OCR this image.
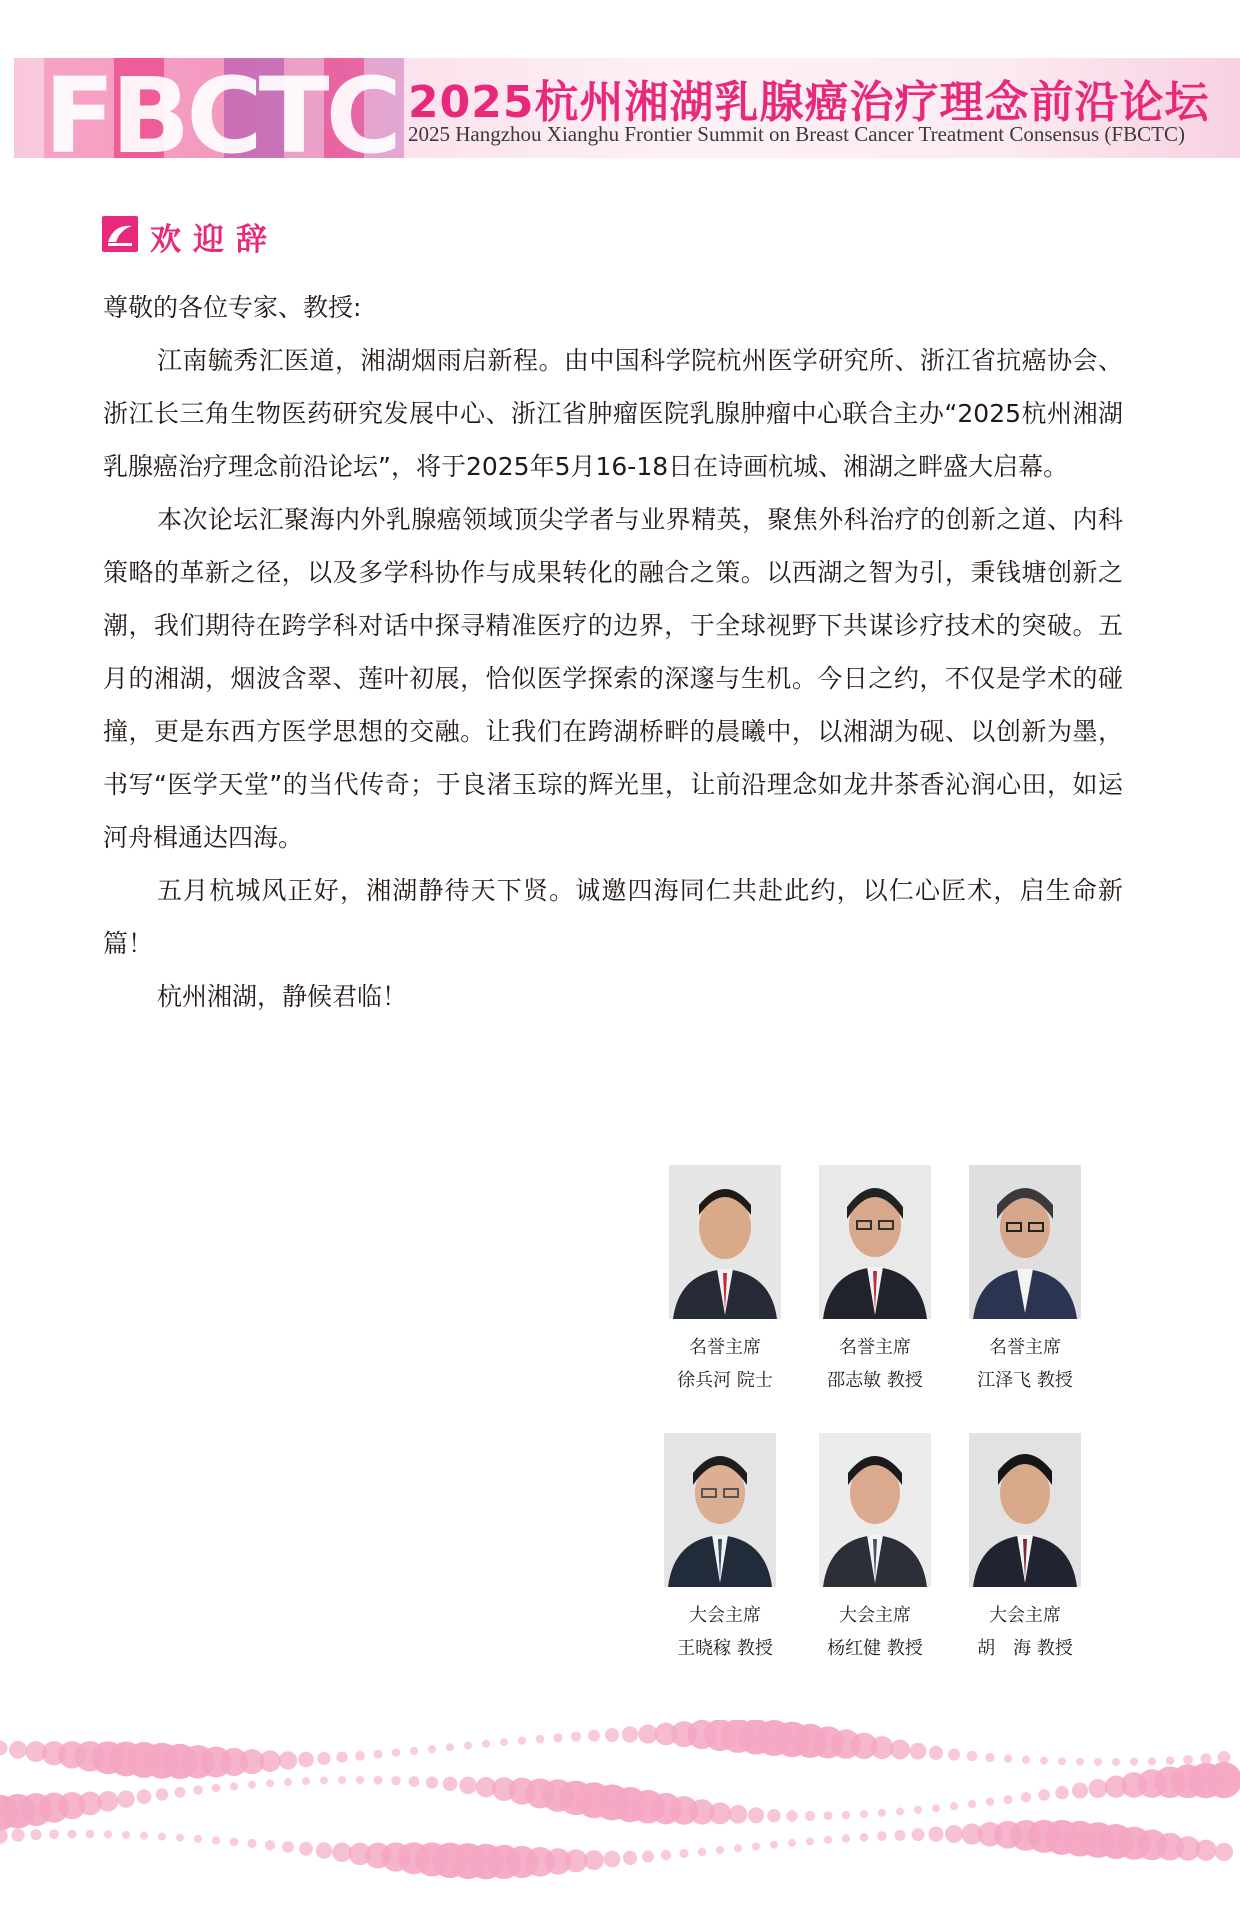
FBCTC 2025杭州湘湖乳腺癌治疗理念前沿论坛
2025 Hangzhou Xianghu Frontier Summit on Breast Cancer Treatment Consensus (FBCTC)
欢迎辞

尊敬的各位专家、教授:

江南毓秀汇医道，湘湖烟雨启新程。由中国科学院杭州医学研究所、浙江省抗癌协会、浙江长三角生物医药研究发展中心、浙江省肿瘤医院乳腺肿瘤中心联合主办“2025杭州湘湖乳腺癌治疗理念前沿论坛”，将于2025年5月16-18日在诗画杭城、湘湖之畔盛大启幕。

本次论坛汇聚海内外乳腺癌领域顶尖学者与业界精英，聚焦外科治疗的创新之道、内科策略的革新之径，以及多学科协作与成果转化的融合之策。以西湖之智为引，秉钱塘创新之潮，我们期待在跨学科对话中探寻精准医疗的边界，于全球视野下共谋诊疗技术的突破。五月的湘湖，烟波含翠、莲叶初展，恰似医学探索的深邃与生机。今日之约，不仅是学术的碰撞，更是东西方医学思想的交融。让我们在跨湖桥畔的晨曦中，以湘湖为砚、以创新为墨，书写“医学天堂”的当代传奇；于良渚玉琮的辉光里，让前沿理念如龙井茶香沁润心田，如运河舟楫通达四海。

五月杭城风正好，湘湖静待天下贤。诚邀四海同仁共赴此约，以仁心匠术，启生命新篇！

杭州湘湖，静候君临！

名誉主席
徐兵河 院士
名誉主席
邵志敏 教授
名誉主席
江泽飞 教授
大会主席
王晓稼 教授
大会主席
杨红健 教授
大会主席
胡　海 教授
